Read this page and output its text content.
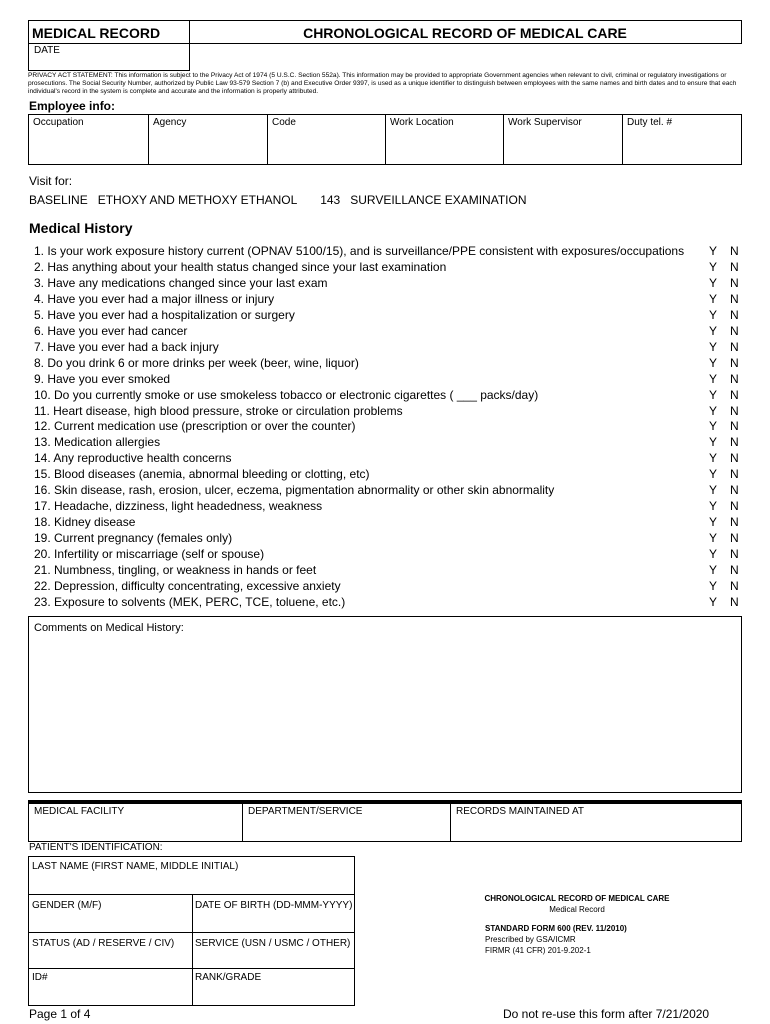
MEDICAL RECORD	CHRONOLOGICAL RECORD OF MEDICAL CARE
DATE
PRIVACY ACT STATEMENT: This information is subject to the Privacy Act of 1974 (5 U.S.C. Section 552a). This information may be provided to appropriate Government agencies when relevant to civil, criminal or regulatory investigations or prosecutions. The Social Security Number, authorized by Public Law 93-579 Section 7 (b) and Executive Order 9397, is used as a unique identifier to distinguish between employees with the same names and birth dates and to ensure that each individual's record in the system is complete and accurate and the information is properly attributed.
Employee info:
Occupation	Agency	Code	Work Location	Work Supervisor	Duty tel. #
Visit for:
BASELINE   ETHOXY AND METHOXY ETHANOL       143   SURVEILLANCE EXAMINATION
Medical History
1. Is your work exposure history current (OPNAV 5100/15), and is surveillance/PPE consistent with exposures/occupations Y N
2. Has anything about your health status changed since your last examination	Y N
3. Have any medications changed since your last exam	Y N
4. Have you ever had a major illness or injury	Y N
5. Have you ever had a hospitalization or surgery	Y N
6. Have you ever had cancer	Y N
7. Have you ever had a back injury	Y N
8. Do you drink 6 or more drinks per week (beer, wine, liquor)	Y N
9. Have you ever smoked	Y N
10. Do you currently smoke or use smokeless tobacco or electronic cigarettes ( ___ packs/day)	Y N
11. Heart disease, high blood pressure, stroke or circulation problems	Y N
12. Current medication use (prescription or over the counter)	Y N
13. Medication allergies	Y N
14. Any reproductive health concerns	Y N
15. Blood diseases (anemia, abnormal bleeding or clotting, etc)	Y N
16. Skin disease, rash, erosion, ulcer, eczema, pigmentation abnormality or other skin abnormality	Y N
17. Headache, dizziness, light headedness, weakness	Y N
18. Kidney disease	Y N
19. Current pregnancy (females only)	Y N
20. Infertility or miscarriage (self or spouse)	Y N
21. Numbness, tingling, or weakness in hands or feet	Y N
22. Depression, difficulty concentrating, excessive anxiety	Y N
23. Exposure to solvents (MEK, PERC, TCE, toluene, etc.)	Y N
Comments on Medical History:
MEDICAL FACILITY	DEPARTMENT/SERVICE	RECORDS MAINTAINED AT
PATIENT'S IDENTIFICATION:
LAST NAME (FIRST NAME, MIDDLE INITIAL)
GENDER (M/F)	DATE OF BIRTH (DD-MMM-YYYY)
STATUS (AD / RESERVE / CIV)	SERVICE (USN / USMC / OTHER)
ID#	RANK/GRADE
CHRONOLOGICAL RECORD OF MEDICAL CARE
Medical Record
STANDARD FORM 600 (REV. 11/2010)
Prescribed by GSA/ICMR
FIRMR (41 CFR) 201-9.202-1
Page 1 of 4	Do not re-use this form after 7/21/2020
